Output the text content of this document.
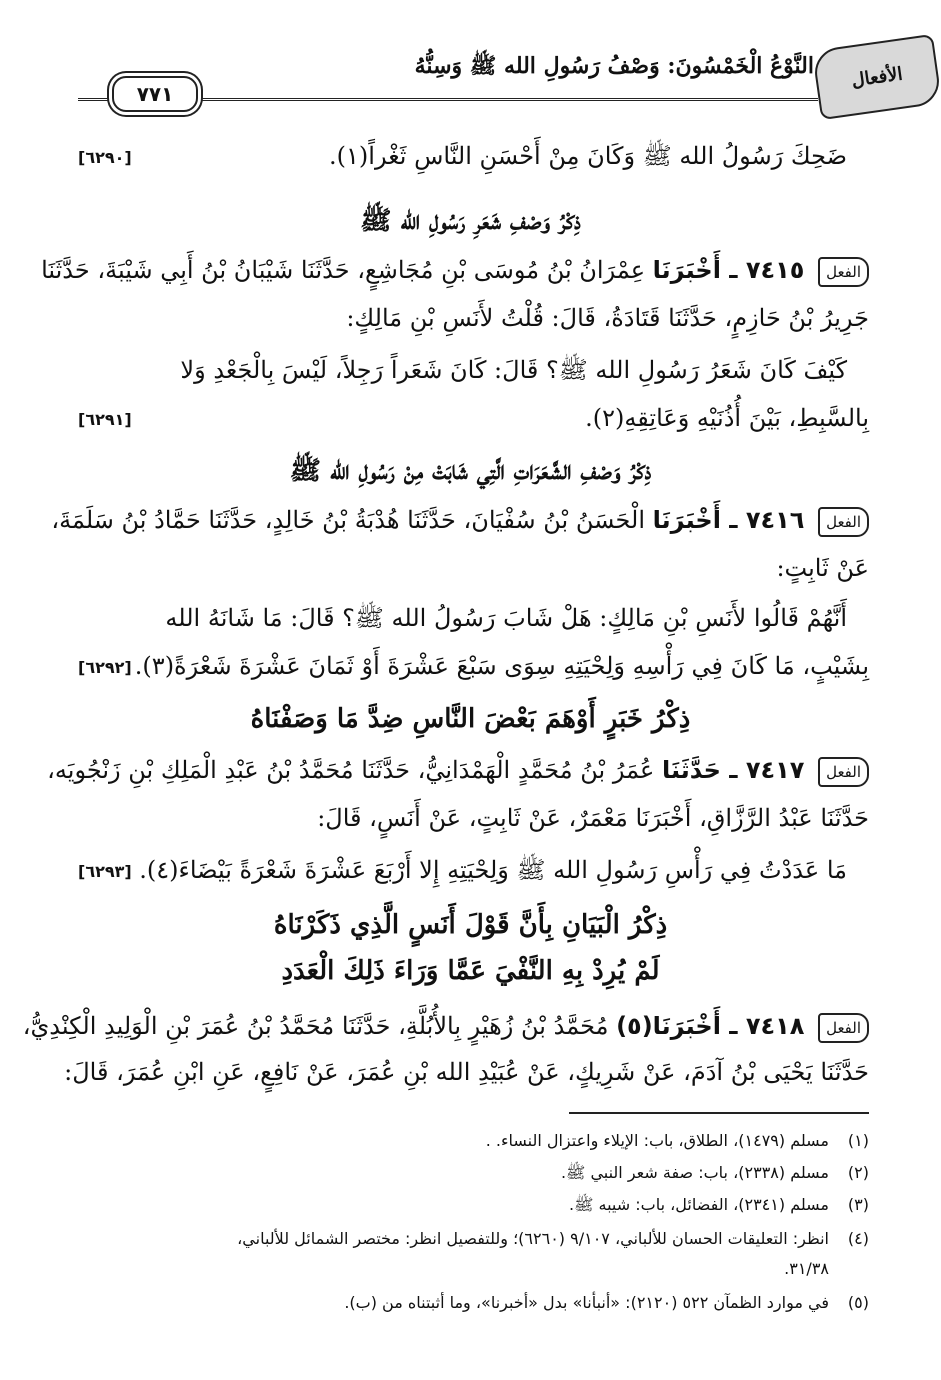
الأفعال
النَّوْعُ الْخَمْسُونَ: وَصْفُ رَسُولِ الله ﷺ وَسِنُّهُ
٧٧١
ضَحِكَ رَسُولُ الله ﷺ وَكَانَ مِنْ أَحْسَنِ النَّاسِ ثَغْراً(١).
[٦٢٩٠]
ذِكْرُ وَصْفِ شَعَرِ رَسُولِ الله ﷺ
الفعل ٧٤١٥ ـ أَخْبَرَنَا عِمْرَانُ بْنُ مُوسَى بْنِ مُجَاشِعٍ، حَدَّثَنَا شَيْبَانُ بْنُ أَبِي شَيْبَةَ، حَدَّثَنَا
جَرِيرُ بْنُ حَازِمٍ، حَدَّثَنَا قَتَادَةُ، قَالَ: قُلْتُ لأَنَسِ بْنِ مَالِكٍ:
كَيْفَ كَانَ شَعَرُ رَسُولِ الله ﷺ؟ قَالَ: كَانَ شَعَراً رَجِلاً، لَيْسَ بِالْجَعْدِ وَلا
بِالسَّبِطِ، بَيْنَ أُذُنَيْهِ وَعَاتِقِهِ(٢).
[٦٢٩١]
ذِكْرُ وَصْفِ الشَّعَرَاتِ الَّتِي شَابَتْ مِنْ رَسُولِ الله ﷺ
الفعل ٧٤١٦ ـ أَخْبَرَنَا الْحَسَنُ بْنُ سُفْيَانَ، حَدَّثَنَا هُدْبَةُ بْنُ خَالِدٍ، حَدَّثَنَا حَمَّادُ بْنُ سَلَمَةَ،
عَنْ ثَابِتٍ:
أَنَّهُمْ قَالُوا لأَنَسِ بْنِ مَالِكٍ: هَلْ شَابَ رَسُولُ الله ﷺ؟ قَالَ: مَا شَانَهُ الله
بِشَيْبٍ، مَا كَانَ فِي رَأْسِهِ وَلِحْيَتِهِ سِوَى سَبْعَ عَشْرَةَ أَوْ ثَمَانَ عَشْرَةَ شَعْرَةً(٣).
[٦٢٩٢]
ذِكْرُ خَبَرٍ أَوْهَمَ بَعْضَ النَّاسِ ضِدَّ مَا وَصَفْنَاهُ
الفعل ٧٤١٧ ـ حَدَّثَنَا عُمَرُ بْنُ مُحَمَّدٍ الْهَمْدَانِيُّ، حَدَّثَنَا مُحَمَّدُ بْنُ عَبْدِ الْمَلِكِ بْنِ زَنْجُويَه،
حَدَّثَنَا عَبْدُ الرَّزَّاقِ، أَخْبَرَنَا مَعْمَرٌ، عَنْ ثَابِتٍ، عَنْ أَنَسٍ، قَالَ:
مَا عَدَدْتُ فِي رَأْسِ رَسُولِ الله ﷺ وَلِحْيَتِهِ إِلا أَرْبَعَ عَشْرَةَ شَعْرَةً بَيْضَاءَ(٤).
[٦٢٩٣]
ذِكْرُ الْبَيَانِ بِأَنَّ قَوْلَ أَنَسٍ الَّذِي ذَكَرْنَاهُ
لَمْ يُرِدْ بِهِ النَّفْيَ عَمَّا وَرَاءَ ذَلِكَ الْعَدَدِ
الفعل ٧٤١٨ ـ أَخْبَرَنَا(٥) مُحَمَّدُ بْنُ زُهَيْرٍ بِالأُبُلَّةِ، حَدَّثَنَا مُحَمَّدُ بْنُ عُمَرَ بْنِ الْوَلِيدِ الْكِنْدِيُّ،
حَدَّثَنَا يَحْيَى بْنُ آدَمَ، عَنْ شَرِيكٍ، عَنْ عُبَيْدِ الله بْنِ عُمَرَ، عَنْ نَافِعٍ، عَنِ ابْنِ عُمَرَ، قَالَ:
(١)مسلم (١٤٧٩)، الطلاق، باب: الإيلاء واعتزال النساء. .
(٢)مسلم (٢٣٣٨)، باب: صفة شعر النبي ﷺ.
(٣)مسلم (٢٣٤١)، الفضائل، باب: شيبه ﷺ.
(٤)انظر: التعليقات الحسان للألباني، ٩/١٠٧ (٦٢٦٠)؛ وللتفصيل انظر: مختصر الشمائل للألباني،
٣١/٣٨.
(٥)في موارد الظمآن ٥٢٢ (٢١٢٠): «أنبأنا» بدل «أخبرنا»، وما أثبتناه من (ب).
